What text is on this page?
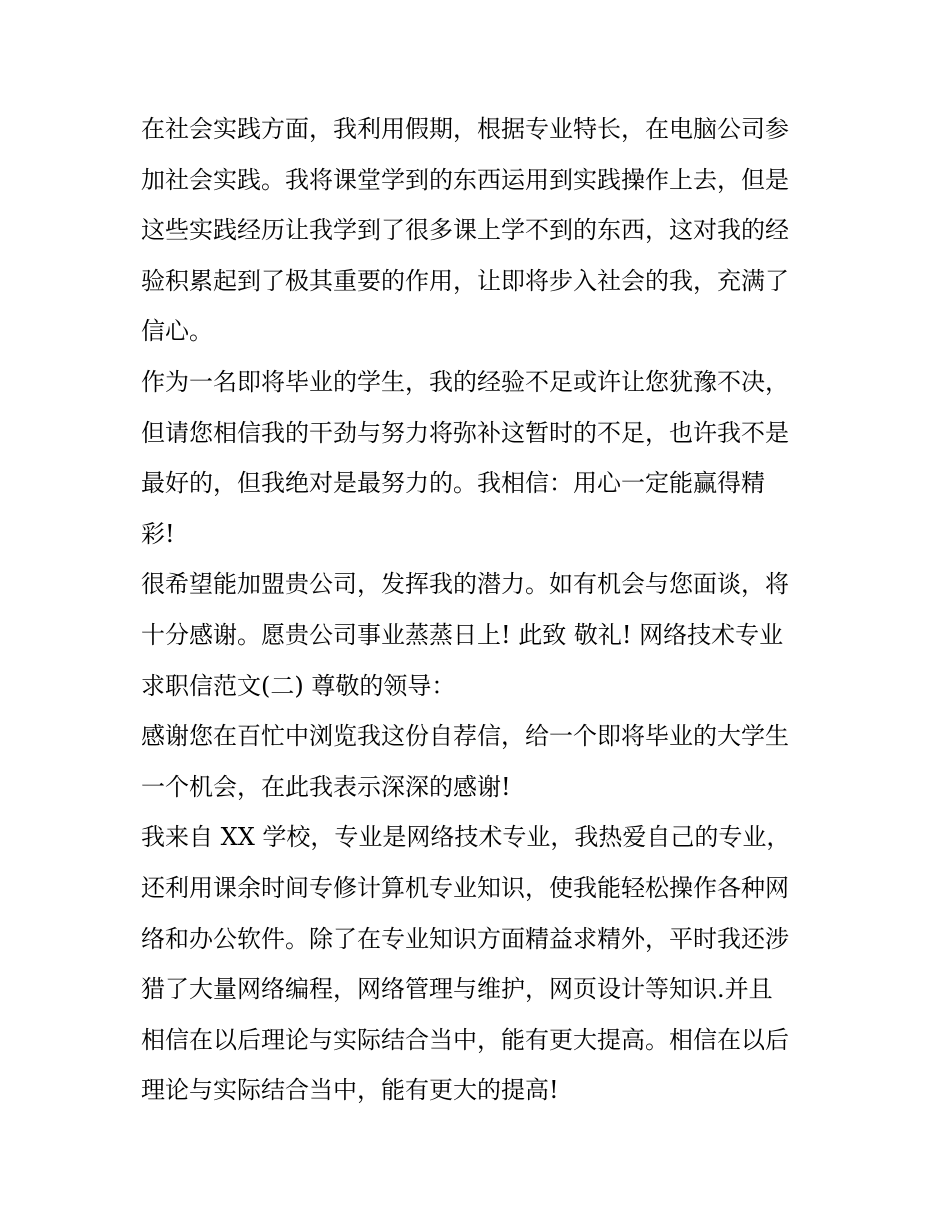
在社会实践方面，我利用假期，根据专业特长，在电脑公司参
加社会实践。我将课堂学到的东西运用到实践操作上去，但是
这些实践经历让我学到了很多课上学不到的东西，这对我的经
验积累起到了极其重要的作用，让即将步入社会的我，充满了
信心。
作为一名即将毕业的学生，我的经验不足或许让您犹豫不决，
但请您相信我的干劲与努力将弥补这暂时的不足，也许我不是
最好的，但我绝对是最努力的。我相信：用心一定能赢得精
彩!
很希望能加盟贵公司，发挥我的潜力。如有机会与您面谈，将
十分感谢。愿贵公司事业蒸蒸日上! 此致 敬礼! 网络技术专业
求职信范文(二) 尊敬的领导：
感谢您在百忙中浏览我这份自荐信，给一个即将毕业的大学生
一个机会，在此我表示深深的感谢!
我来自 XX 学校，专业是网络技术专业，我热爱自己的专业，
还利用课余时间专修计算机专业知识，使我能轻松操作各种网
络和办公软件。除了在专业知识方面精益求精外，平时我还涉
猎了大量网络编程，网络管理与维护，网页设计等知识.并且
相信在以后理论与实际结合当中，能有更大提高。相信在以后
理论与实际结合当中，能有更大的提高!
